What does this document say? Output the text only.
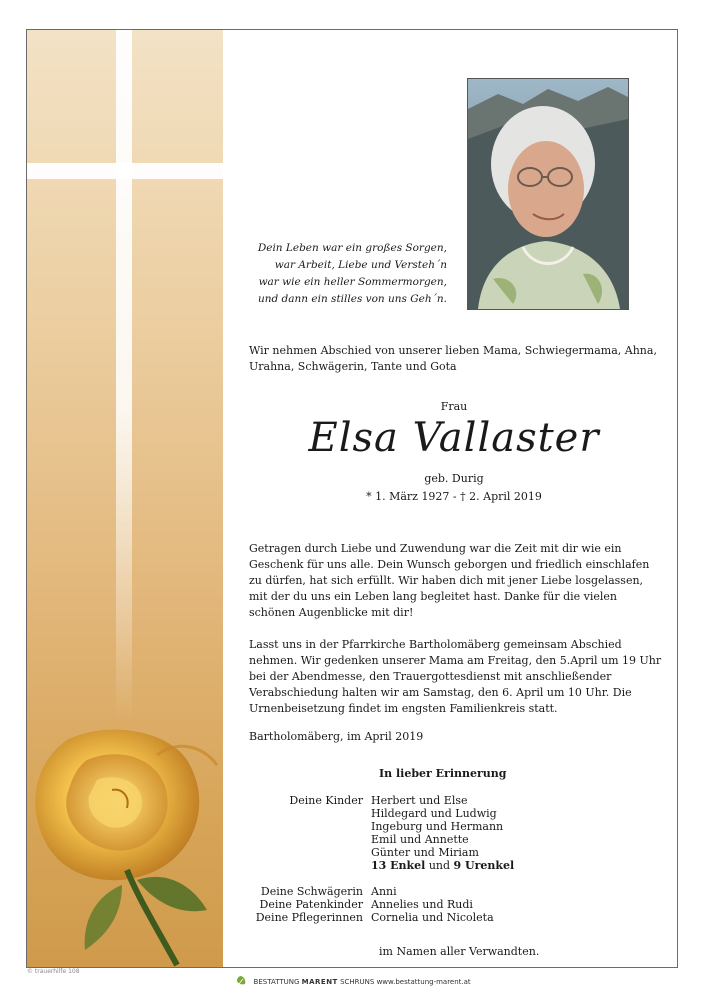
Dein Leben war ein großes Sorgen,
war Arbeit, Liebe und Versteh´n
war wie ein heller Sommermorgen,
und dann ein stilles von uns Geh´n.
Wir nehmen Abschied von unserer lieben Mama, Schwiegermama, Ahna, Urahna, Schwägerin, Tante und Gota
Frau
Elsa Vallaster
geb. Durig
* 1. März 1927 - † 2. April 2019
Getragen durch Liebe und Zuwendung war die Zeit mit dir wie ein Geschenk für uns alle. Dein Wunsch geborgen und friedlich einschlafen zu dürfen, hat sich erfüllt. Wir haben dich mit jener Liebe losgelassen, mit der du uns ein Leben lang begleitet hast. Danke für die vielen schönen Augenblicke mit dir!
Lasst uns in der Pfarrkirche Bartholomäberg gemeinsam Abschied nehmen. Wir gedenken unserer Mama am Freitag, den 5.April um 19 Uhr bei der Abendmesse, den Trauergottesdienst mit anschließender Verabschiedung halten wir am Samstag, den 6. April um 10 Uhr. Die Urnenbeisetzung findet im engsten Familienkreis statt.
Bartholomäberg, im April 2019
In lieber Erinnerung
Deine Kinder Herbert und Else
Hildegard und Ludwig
Ingeburg und Hermann
Emil und Annette
Günter und Miriam
13 Enkel und 9 Urenkel
Deine Schwägerin Anni
Deine Patenkinder Annelies und Rudi
Deine Pflegerinnen Cornelia und Nicoleta
im Namen aller Verwandten.
© trauerhilfe 108
BESTATTUNG MARENT SCHRUNS www.bestattung-marent.at
